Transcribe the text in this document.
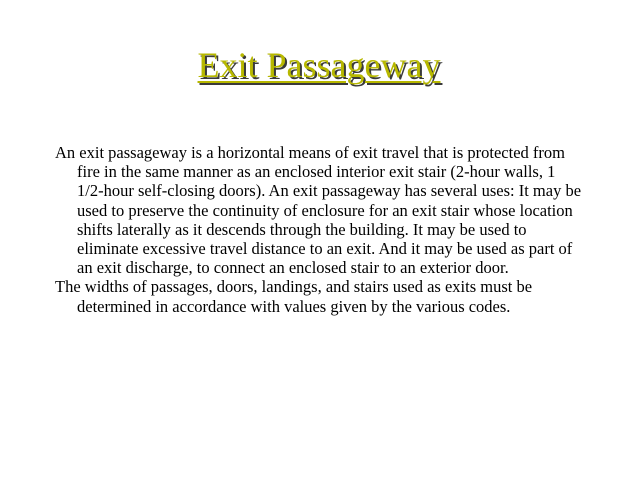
Exit Passageway

An exit passageway is a horizontal means of exit travel that is protected from fire in the same manner as an enclosed interior exit stair (2-hour walls, 1 1/2-hour self-closing doors). An exit passageway has several uses: It may be used to preserve the continuity of enclosure for an exit stair whose location shifts laterally as it descends through the building. It may be used to eliminate excessive travel distance to an exit. And it may be used as part of an exit discharge, to connect an enclosed stair to an exterior door.

The widths of passages, doors, landings, and stairs used as exits must be determined in accordance with values given by the various codes.
